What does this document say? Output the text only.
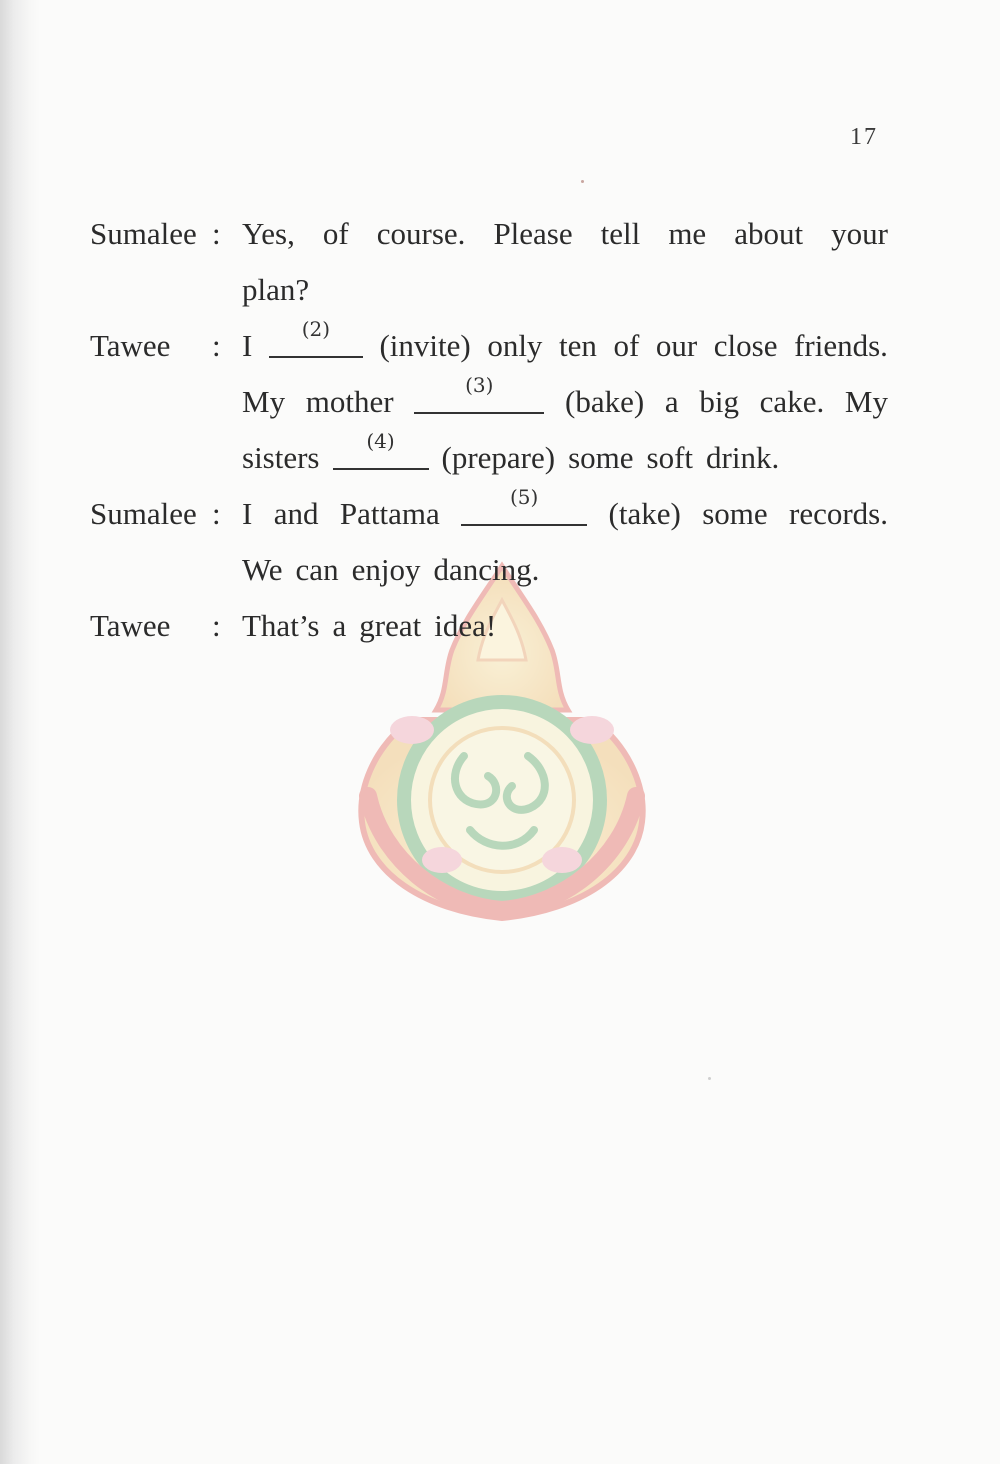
17
Sumalee : Yes, of course. Please tell me about your
plan?
Tawee	: I	(2)	(invite) only ten of our close friends.
My mother	(3)	(bake) a big cake. My
sisters	(4)	(prepare) some soft drink.
Sumalee : I and Pattama	(5)	(take) some records.
We can enjoy dancing.
Tawee	: That’s a great idea!
